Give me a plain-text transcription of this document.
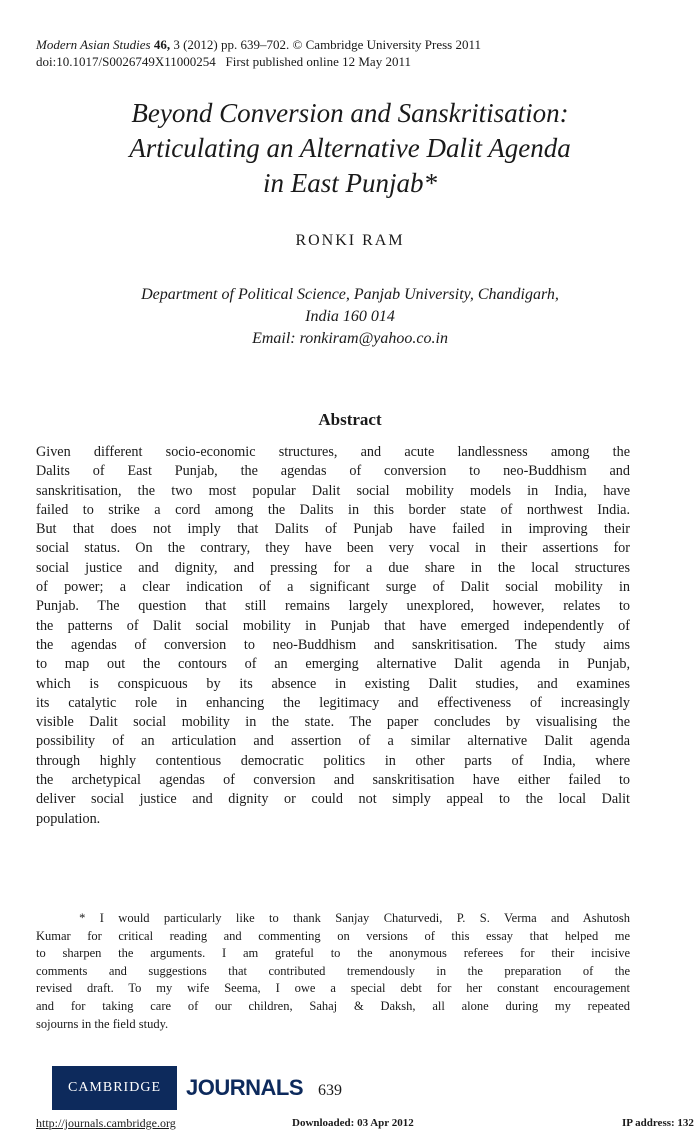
Modern Asian Studies 46, 3 (2012) pp. 639–702. © Cambridge University Press 2011
doi:10.1017/S0026749X11000254   First published online 12 May 2011
Beyond Conversion and Sanskritisation:
Articulating an Alternative Dalit Agenda
in East Punjab*
RONKI RAM
Department of Political Science, Panjab University, Chandigarh,
India 160 014
Email: ronkiram@yahoo.co.in
Abstract
Given different socio-economic structures, and acute landlessness among the
Dalits of East Punjab, the agendas of conversion to neo-Buddhism and
sanskritisation, the two most popular Dalit social mobility models in India, have
failed to strike a cord among the Dalits in this border state of northwest India.
But that does not imply that Dalits of Punjab have failed in improving their
social status. On the contrary, they have been very vocal in their assertions for
social justice and dignity, and pressing for a due share in the local structures
of power; a clear indication of a significant surge of Dalit social mobility in
Punjab. The question that still remains largely unexplored, however, relates to
the patterns of Dalit social mobility in Punjab that have emerged independently of
the agendas of conversion to neo-Buddhism and sanskritisation. The study aims
to map out the contours of an emerging alternative Dalit agenda in Punjab,
which is conspicuous by its absence in existing Dalit studies, and examines
its catalytic role in enhancing the legitimacy and effectiveness of increasingly
visible Dalit social mobility in the state. The paper concludes by visualising the
possibility of an articulation and assertion of a similar alternative Dalit agenda
through highly contentious democratic politics in other parts of India, where
the archetypical agendas of conversion and sanskritisation have either failed to
deliver social justice and dignity or could not simply appeal to the local Dalit
population.
* I would particularly like to thank Sanjay Chaturvedi, P. S. Verma and Ashutosh
Kumar for critical reading and commenting on versions of this essay that helped me
to sharpen the arguments. I am grateful to the anonymous referees for their incisive
comments and suggestions that contributed tremendously in the preparation of the
revised draft. To my wife Seema, I owe a special debt for her constant encouragement
and for taking care of our children, Sahaj & Daksh, all alone during my repeated
sojourns in the field study.
CAMBRIDGE	JOURNALS 639
http://journals.cambridge.org	Downloaded: 03 Apr 2012	IP address: 132
